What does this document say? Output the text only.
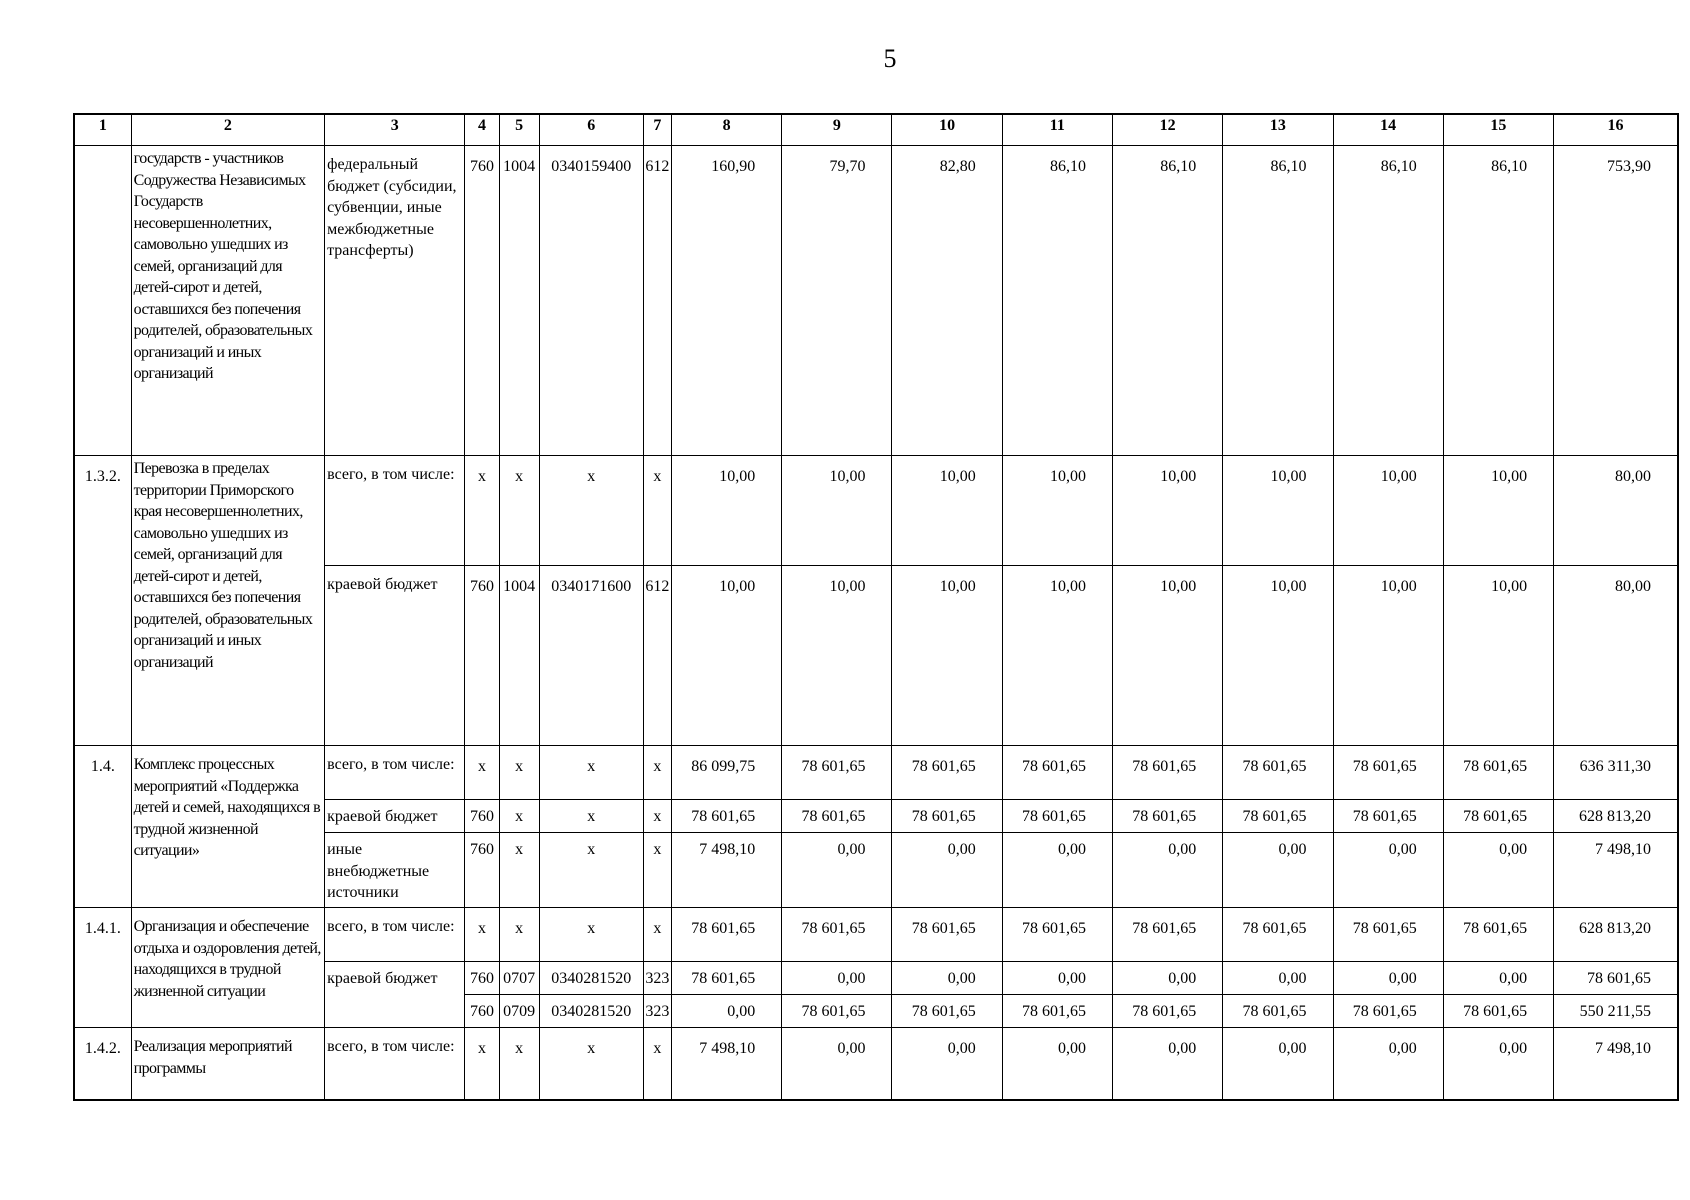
5
1	2	3	4	5	6	7	8	9	10	11	12	13	14	15	16
	государств - участников Содружества Независимых Государств несовершеннолетних, самовольно ушедших из семей, организаций для детей-сирот и детей, оставшихся без попечения родителей, образовательных организаций и иных организаций	федеральный бюджет (субсидии, субвенции, иные межбюджетные трансферты)	760	1004	0340159400	612	160,90	79,70	82,80	86,10	86,10	86,10	86,10	86,10	753,90
1.3.2.	Перевозка в пределах территории Приморского края несовершеннолетних, самовольно ушедших из семей, организаций для детей-сирот и детей, оставшихся без попечения родителей, образовательных организаций и иных организаций	всего, в том числе:	x	x	x	x	10,00	10,00	10,00	10,00	10,00	10,00	10,00	10,00	80,00
		краевой бюджет	760	1004	0340171600	612	10,00	10,00	10,00	10,00	10,00	10,00	10,00	10,00	80,00
1.4.	Комплекс процессных мероприятий «Поддержка детей и семей, находящихся в трудной жизненной ситуации»	всего, в том числе:	x	x	x	x	86 099,75	78 601,65	78 601,65	78 601,65	78 601,65	78 601,65	78 601,65	78 601,65	636 311,30
		краевой бюджет	760	x	x	x	78 601,65	78 601,65	78 601,65	78 601,65	78 601,65	78 601,65	78 601,65	78 601,65	628 813,20
		иные внебюджетные источники	760	x	x	x	7 498,10	0,00	0,00	0,00	0,00	0,00	0,00	0,00	7 498,10
1.4.1.	Организация и обеспечение отдыха и оздоровления детей, находящихся в трудной жизненной ситуации	всего, в том числе:	x	x	x	x	78 601,65	78 601,65	78 601,65	78 601,65	78 601,65	78 601,65	78 601,65	78 601,65	628 813,20
		краевой бюджет	760	0707	0340281520	323	78 601,65	0,00	0,00	0,00	0,00	0,00	0,00	0,00	78 601,65
			760	0709	0340281520	323	0,00	78 601,65	78 601,65	78 601,65	78 601,65	78 601,65	78 601,65	78 601,65	550 211,55
1.4.2.	Реализация мероприятий программы	всего, в том числе:	x	x	x	x	7 498,10	0,00	0,00	0,00	0,00	0,00	0,00	0,00	7 498,10
